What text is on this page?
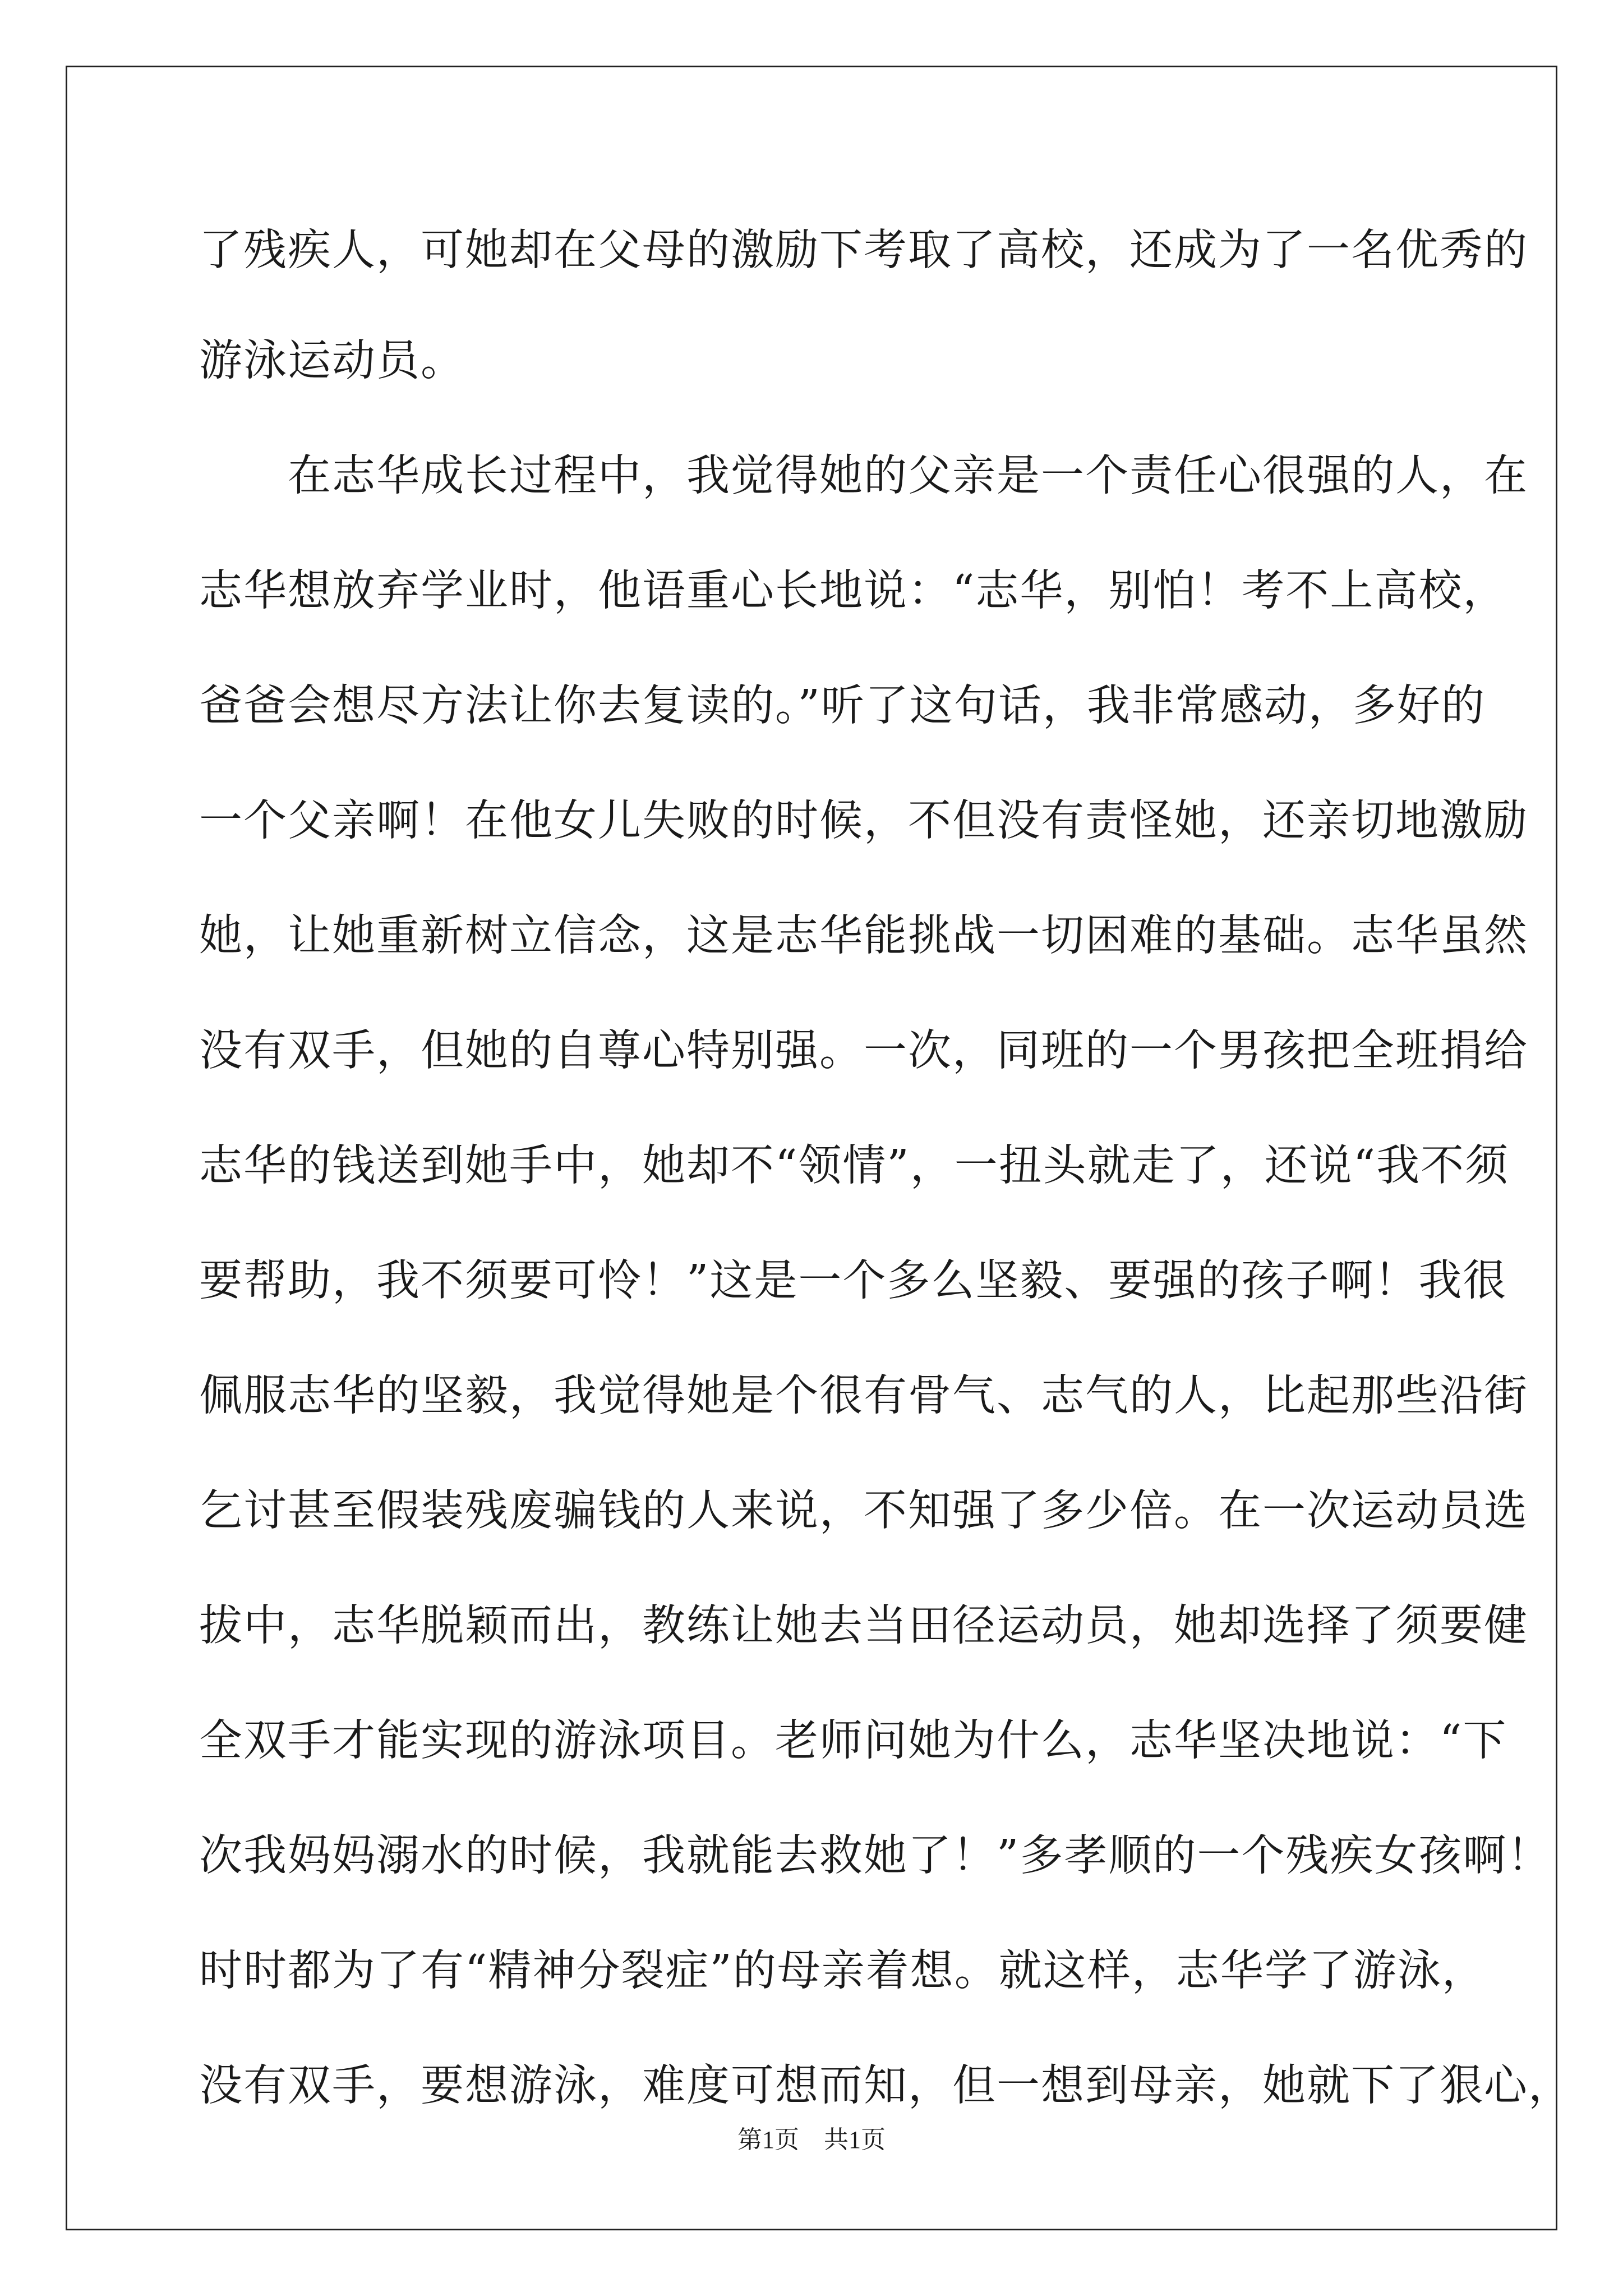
了残疾人，可她却在父母的激励下考取了高校，还成为了一名优秀的
游泳运动员。
在志华成长过程中，我觉得她的父亲是一个责任心很强的人，在
志华想放弃学业时，他语重心长地说：“志华，别怕！考不上高校，
爸爸会想尽方法让你去复读的。”听了这句话，我非常感动，多好的
一个父亲啊！在他女儿失败的时候，不但没有责怪她，还亲切地激励
她，让她重新树立信念，这是志华能挑战一切困难的基础。志华虽然
没有双手，但她的自尊心特别强。一次，同班的一个男孩把全班捐给
志华的钱送到她手中，她却不“领情”，一扭头就走了，还说“我不须
要帮助，我不须要可怜！”这是一个多么坚毅、要强的孩子啊！我很
佩服志华的坚毅，我觉得她是个很有骨气、志气的人，比起那些沿街
乞讨甚至假装残废骗钱的人来说，不知强了多少倍。在一次运动员选
拔中，志华脱颖而出，教练让她去当田径运动员，她却选择了须要健
全双手才能实现的游泳项目。老师问她为什么，志华坚决地说：“下
次我妈妈溺水的时候，我就能去救她了！”多孝顺的一个残疾女孩啊！
时时都为了有“精神分裂症”的母亲着想。就这样，志华学了游泳，
没有双手，要想游泳，难度可想而知，但一想到母亲，她就下了狠心，
第1页　共1页
